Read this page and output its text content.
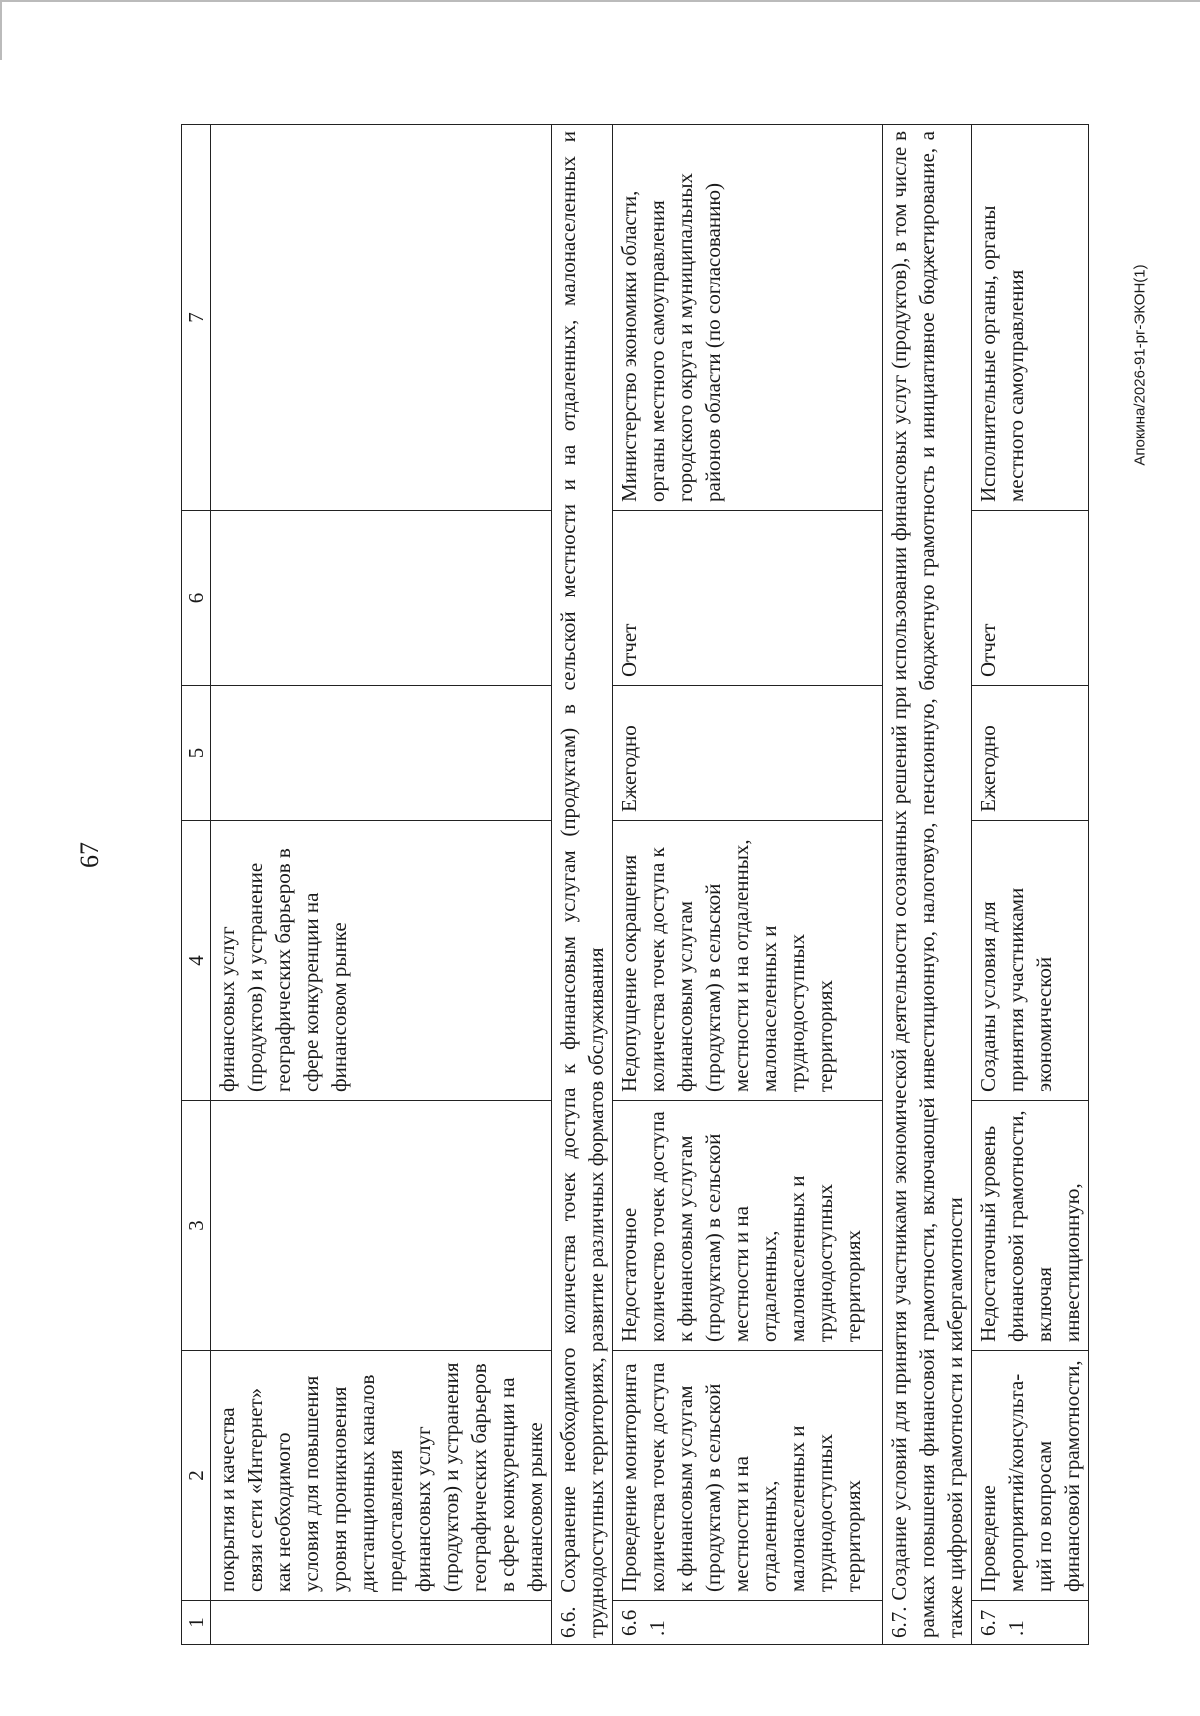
67
1	2	3	4	5	6	7
	покрытия и качества связи сети «Интернет» как необходимого условия для повышения уровня проникновения дистанционных каналов предоставления финансовых услуг (продуктов) и устранения географических барьеров в сфере конкуренции на финансовом рынке		финансовых услуг (продуктов) и устранение географических барьеров в сфере конкуренции на финансовом рынке			
6.6. Сохранение необходимого количества точек доступа к финансовым услугам (продуктам) в сельской местности и на отдаленных, малонаселенных и труднодоступных территориях, развитие различных форматов обслуживания						
6.6.1	Проведение мониторинга количества точек доступа к финансовым услугам (продуктам) в сельской местности и на отдаленных, малонаселенных и труднодоступных территориях	Недостаточное количество точек доступа к финансовым услугам (продуктам) в сельской местности и на отдаленных, малонаселенных и труднодоступных территориях	Недопущение сокращения количества точек доступа к финансовым услугам (продуктам) в сельской местности и на отдаленных, малонаселенных и труднодоступных территориях	Ежегодно	Отчет	Министерство экономики области, органы местного самоуправления городского округа и муниципальных районов области (по согласованию)
6.7. Создание условий для принятия участниками экономической деятельности осознанных решений при использовании финансовых услуг (продуктов), в том числе в рамках повышения финансовой грамотности, включающей инвестиционную, налоговую, пенсионную, бюджетную грамотность и инициативное бюджетирование, а также цифровой грамотности и кибергамотности						
6.7.1	Проведение мероприятий/консульта-ций по вопросам финансовой грамотности,	Недостаточный уровень финансовой грамотности, включая инвестиционную,	Созданы условия для принятия участниками экономической	Ежегодно	Отчет	Исполнительные органы, органы местного самоуправления	Апокина/2026-91-рг-ЭКОН(1)
